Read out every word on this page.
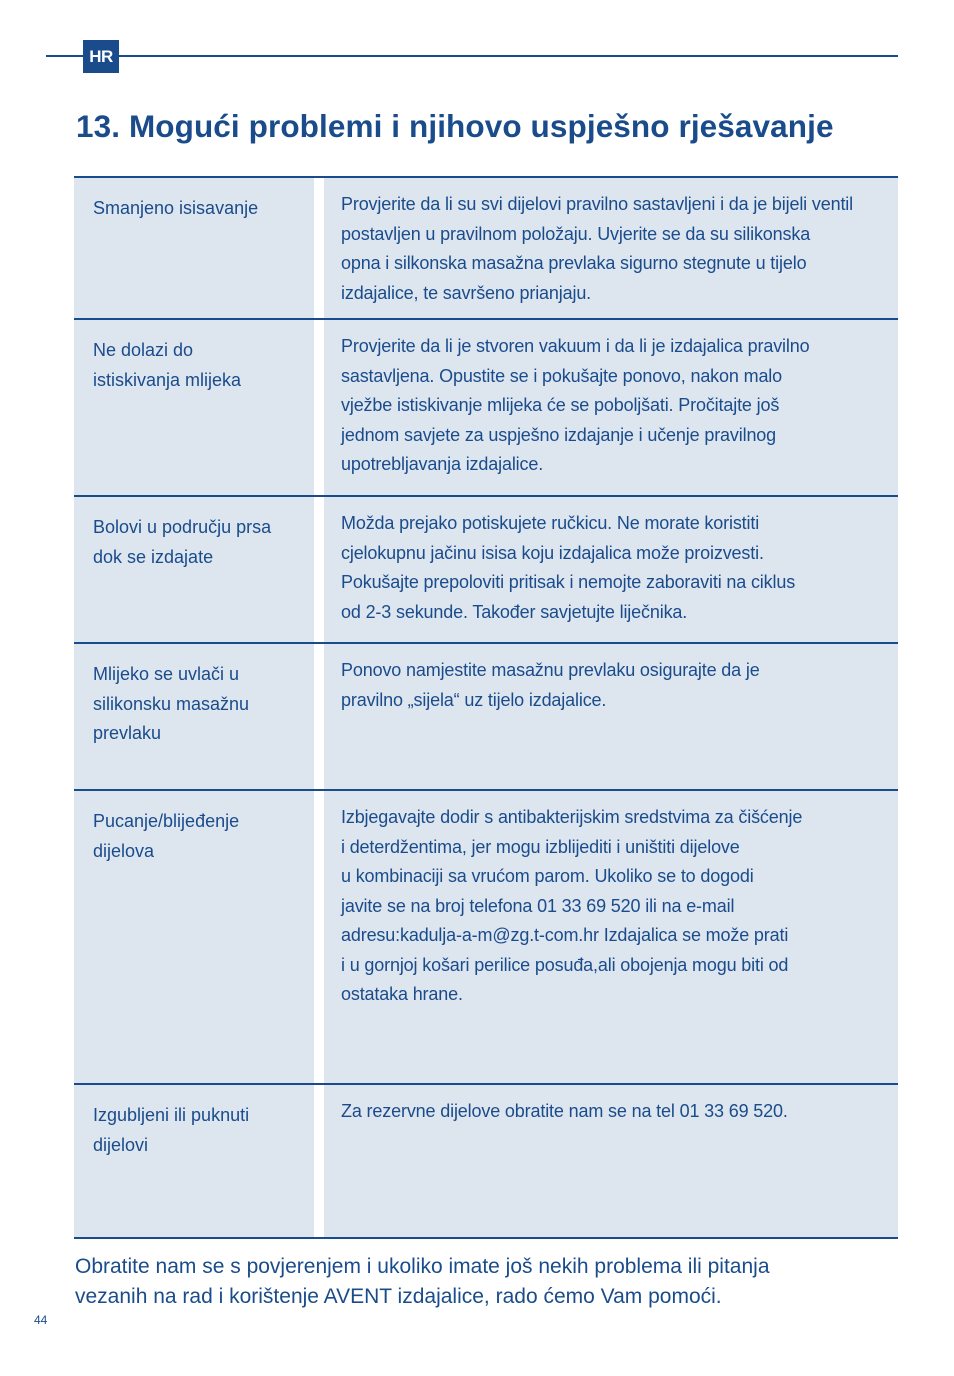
HR
13. Mogući problemi i njihovo uspješno rješavanje
Smanjeno isisavanje	Provjerite da li su svi dijelovi pravilno sastavljeni i da je bijeli ventil
postavljen u pravilnom položaju. Uvjerite se da su silikonska
opna i silkonska masažna prevlaka sigurno stegnute u tijelo
izdajalice, te savršeno prianjaju.
Ne dolazi do
istiskivanja mlijeka
Provjerite da li je stvoren vakuum i da li je izdajalica pravilno
sastavljena. Opustite se i pokušajte ponovo, nakon malo
vježbe istiskivanje mlijeka će se poboljšati. Pročitajte još
jednom savjete za uspješno izdajanje i učenje pravilnog
upotrebljavanja izdajalice.
Bolovi u području prsa
dok se izdajate
Možda prejako potiskujete ručkicu. Ne morate koristiti
cjelokupnu jačinu isisa koju izdajalica može proizvesti.
Pokušajte prepoloviti pritisak i nemojte zaboraviti na ciklus
od 2-3 sekunde. Također savjetujte liječnika.
Mlijeko se uvlači u
silikonsku masažnu
prevlaku
Ponovo namjestite masažnu prevlaku osigurajte da je
pravilno „sijela“ uz tijelo izdajalice.
Pucanje/blijeđenje
dijelova
Izbjegavajte dodir s antibakterijskim sredstvima za čišćenje
i deterdžentima, jer mogu izblijediti i uništiti dijelove
u kombinaciji sa vrućom parom. Ukoliko se to dogodi
javite se na broj telefona 01 33 69 520 ili na e-mail
adresu:kadulja-a-m@zg.t-com.hr Izdajalica se može prati
i u gornjoj košari perilice posuđa,ali obojenja mogu biti od
ostataka hrane.
Izgubljeni ili puknuti
dijelovi
Za rezervne dijelove obratite nam se na tel 01 33 69 520.

Obratite nam se s povjerenjem i ukoliko imate još nekih problema ili pitanja
vezanih na rad i korištenje AVENT izdajalice, rado ćemo Vam pomoći.

44
